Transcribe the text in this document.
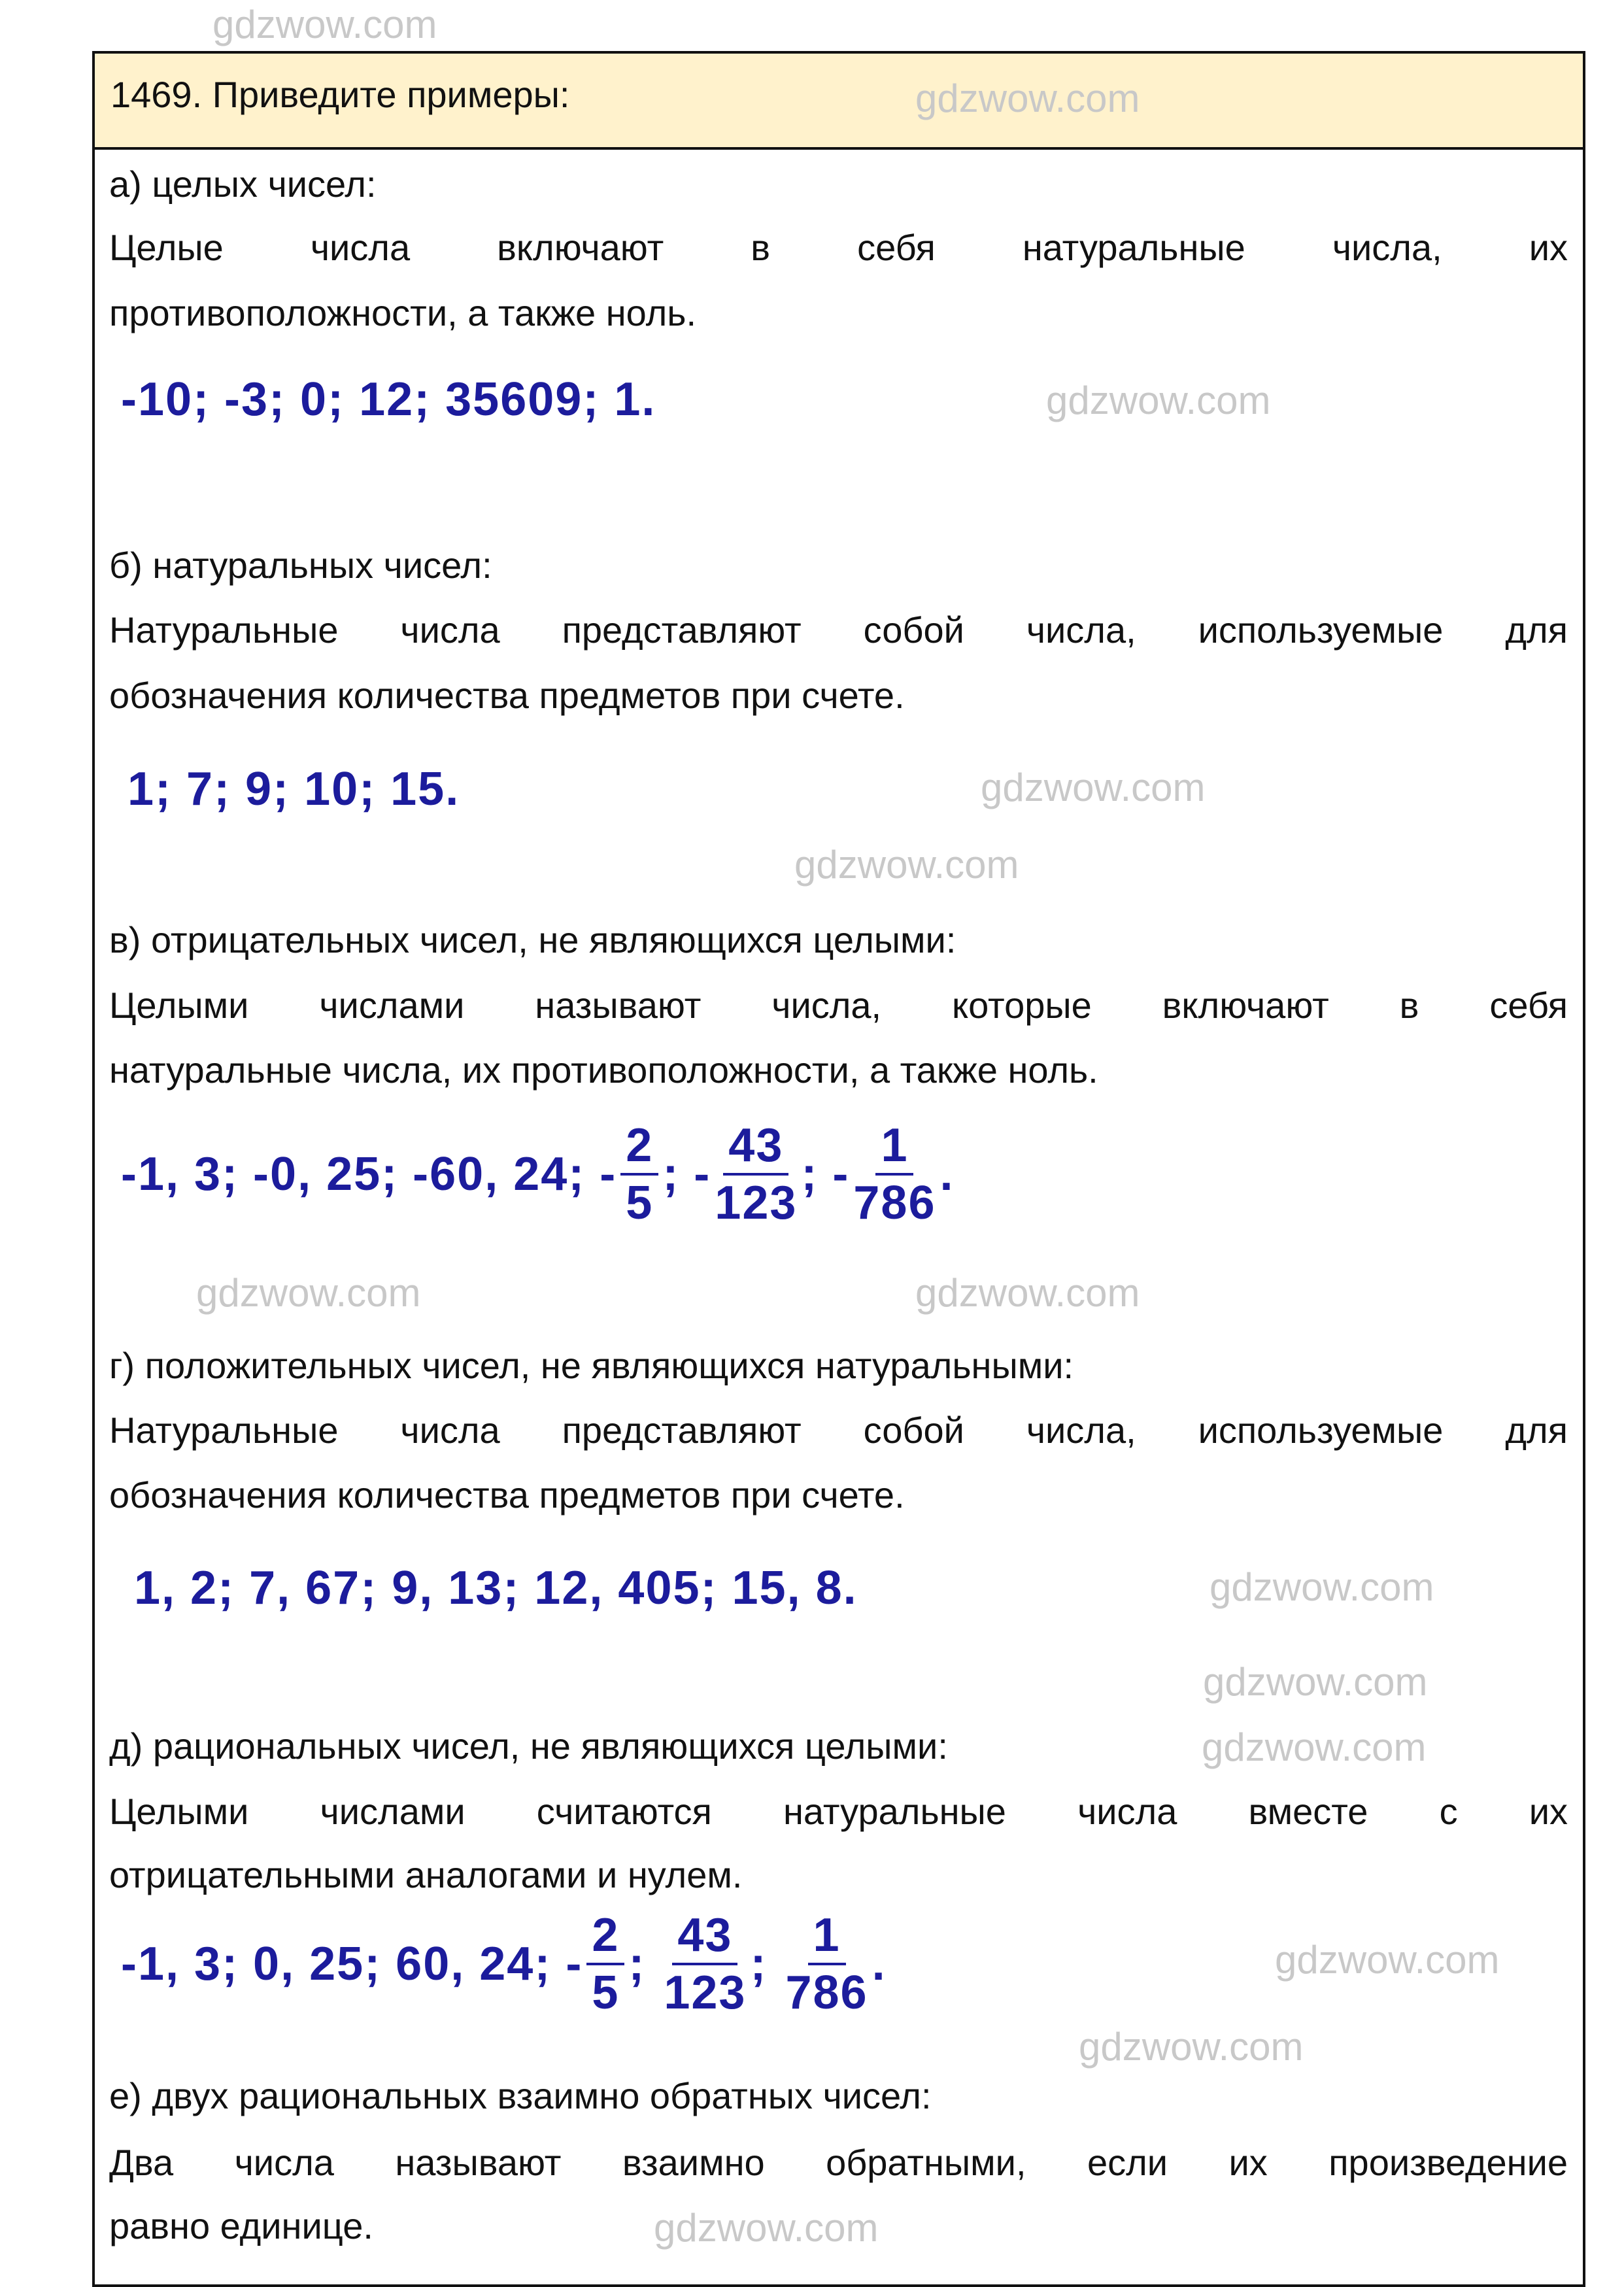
1469. Приведите примеры:
а) целых чисел:
Целые числа включают в себя натуральные числа, их
противоположности, а также ноль.
-10; -3; 0; 12; 35609; 1.
б) натуральных чисел:
Натуральные числа представляют собой числа, используемые для
обозначения количества предметов при счете.
1; 7; 9; 10; 15.
в) отрицательных чисел, не являющихся целыми:
Целыми числами называют числа, которые включают в себя
натуральные числа, их противоположности, а также ноль.
-1, 3; -0, 25; -60, 24; - $\frac{2}{5}$ ; - $\frac{43}{123}$ ; - $\frac{1}{786}$ .
г) положительных чисел, не являющихся натуральными:
Натуральные числа представляют собой числа, используемые для
обозначения количества предметов при счете.
1, 2; 7, 67; 9, 13; 12, 405; 15, 8.
д) рациональных чисел, не являющихся целыми:
Целыми числами считаются натуральные числа вместе с их
отрицательными аналогами и нулем.
-1, 3; 0, 25; 60, 24; - $\frac{2}{5}$ ; $\frac{43}{123}$ ; $\frac{1}{786}$ .
е) двух рациональных взаимно обратных чисел:
Два числа называют взаимно обратными, если их произведение
равно единице.
gdzwow.com
gdzwow.com
gdzwow.com
gdzwow.com
gdzwow.com
gdzwow.com	gdzwow.com
gdzwow.com
gdzwow.com
gdzwow.com
gdzwow.com
gdzwow.com
gdzwow.com
